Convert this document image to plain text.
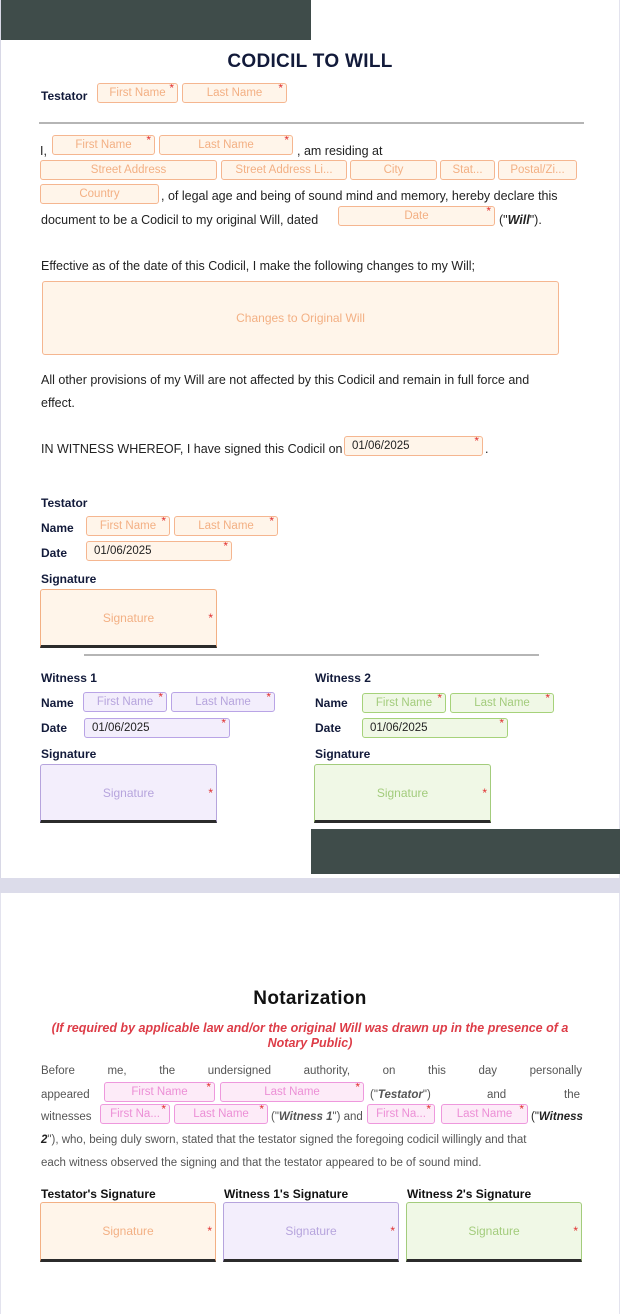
CODICIL TO WILL
Testator	First Name *	Last Name *
I,	First Name *	Last Name	*
, am residing at
Street Address	Street Address Li...	City	Stat...	Postal/Zi...
Country	, of legal age and being of sound mind and memory, hereby declare this
document to be a Codicil to my original Will, dated	Date	*
("Will").
Effective as of the date of this Codicil, I make the following changes to my Will;
Changes to Original Will
All other provisions of my Will are not affected by this Codicil and remain in full force and
effect.
IN WITNESS WHEREOF, I have signed this Codicil on 01/06/2025	*
.
Testator
Name	First Name *	Last Name *
Date	01/06/2025	*
Signature
Signature	*
Witness 1
Name	First Name *	Last Name *
Date	01/06/2025	*
Signature
Signature	*
Witness 2
Name	First Name *	Last Name *
Date	01/06/2025	*
Signature
Signature	*
Notarization
(If required by applicable law and/or the original Will was drawn up in the presence of a
Notary Public)
Before	me,	the	undersigned	authority,	on	this	day	personally
appeared	First Name *	Last Name	*
("Testator")	and	the
witnesses	First Na... *	Last Name *
("Witness 1") and	First Na... *	Last Name *
("Witness
2"), who, being duly sworn, stated that the testator signed the foregoing codicil willingly and that
each witness observed the signing and that the testator appeared to be of sound mind.
Testator's Signature	Witness 1's Signature	Witness 2's Signature
Signature	*	Signature	*	Signature	*
